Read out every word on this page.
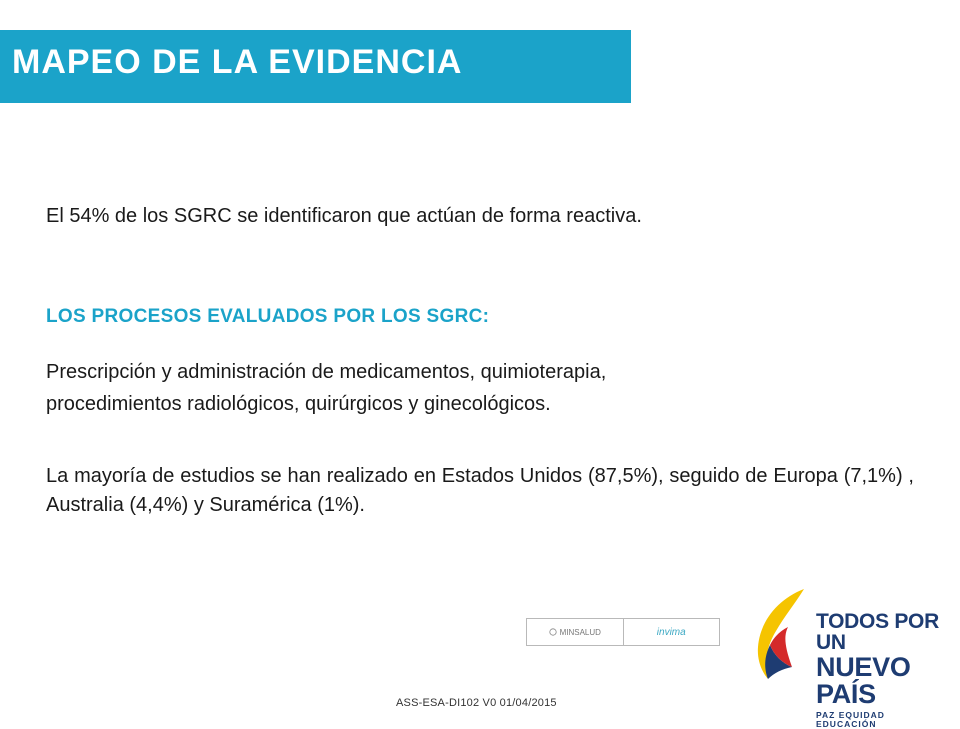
MAPEO DE LA EVIDENCIA
El 54% de los SGRC se identificaron que actúan de forma reactiva.
LOS PROCESOS EVALUADOS POR LOS SGRC:
Prescripción y administración de medicamentos, quimioterapia,
procedimientos radiológicos, quirúrgicos y ginecológicos.
La mayoría de estudios se han realizado en Estados Unidos (87,5%), seguido de Europa (7,1%) , Australia (4,4%) y Suramérica (1%).
MINSALUD	invima	TODOS POR UN
NUEVO PAÍS
PAZ EQUIDAD EDUCACIÓN
ASS-ESA-DI102 V0 01/04/2015
